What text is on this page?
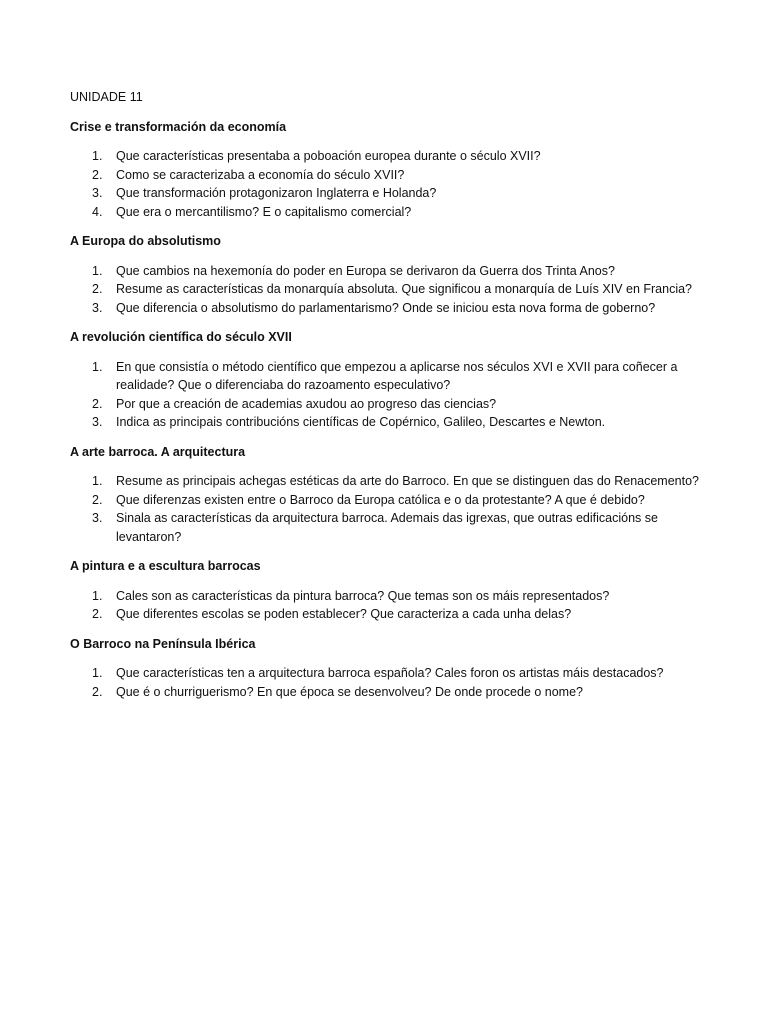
UNIDADE 11
Crise e transformación da economía
1. Que características presentaba a poboación europea durante o século XVII?
2. Como se caracterizaba a economía do século XVII?
3. Que transformación protagonizaron Inglaterra e Holanda?
4. Que era o mercantilismo? E o capitalismo comercial?
A Europa do absolutismo
1. Que cambios na hexemonía do poder en Europa se derivaron da Guerra dos Trinta Anos?
2. Resume as características da monarquía absoluta. Que significou a monarquía de Luís XIV en Francia?
3. Que diferencia o absolutismo do parlamentarismo? Onde se iniciou esta nova forma de goberno?
A revolución científica do século XVII
1. En que consistía o método científico que empezou a aplicarse nos séculos XVI e XVII para coñecer a realidade? Que o diferenciaba do razoamento especulativo?
2. Por que a creación de academias axudou ao progreso das ciencias?
3. Indica as principais contribucións científicas de Copérnico, Galileo, Descartes e Newton.
A arte barroca. A arquitectura
1. Resume as principais achegas estéticas da arte do Barroco. En que se distinguen das do Renacemento?
2. Que diferenzas existen entre o Barroco da Europa católica e o da protestante? A que é debido?
3. Sinala as características da arquitectura barroca. Ademais das igrexas, que outras edificacións se levantaron?
A pintura e a escultura barrocas
1. Cales son as características da pintura barroca? Que temas son os máis representados?
2. Que diferentes escolas se poden establecer? Que caracteriza a cada unha delas?
O Barroco na Península Ibérica
1. Que características ten a arquitectura barroca española? Cales foron os artistas máis destacados?
2. Que é o churriguerismo? En que época se desenvolveu? De onde procede o nome?
